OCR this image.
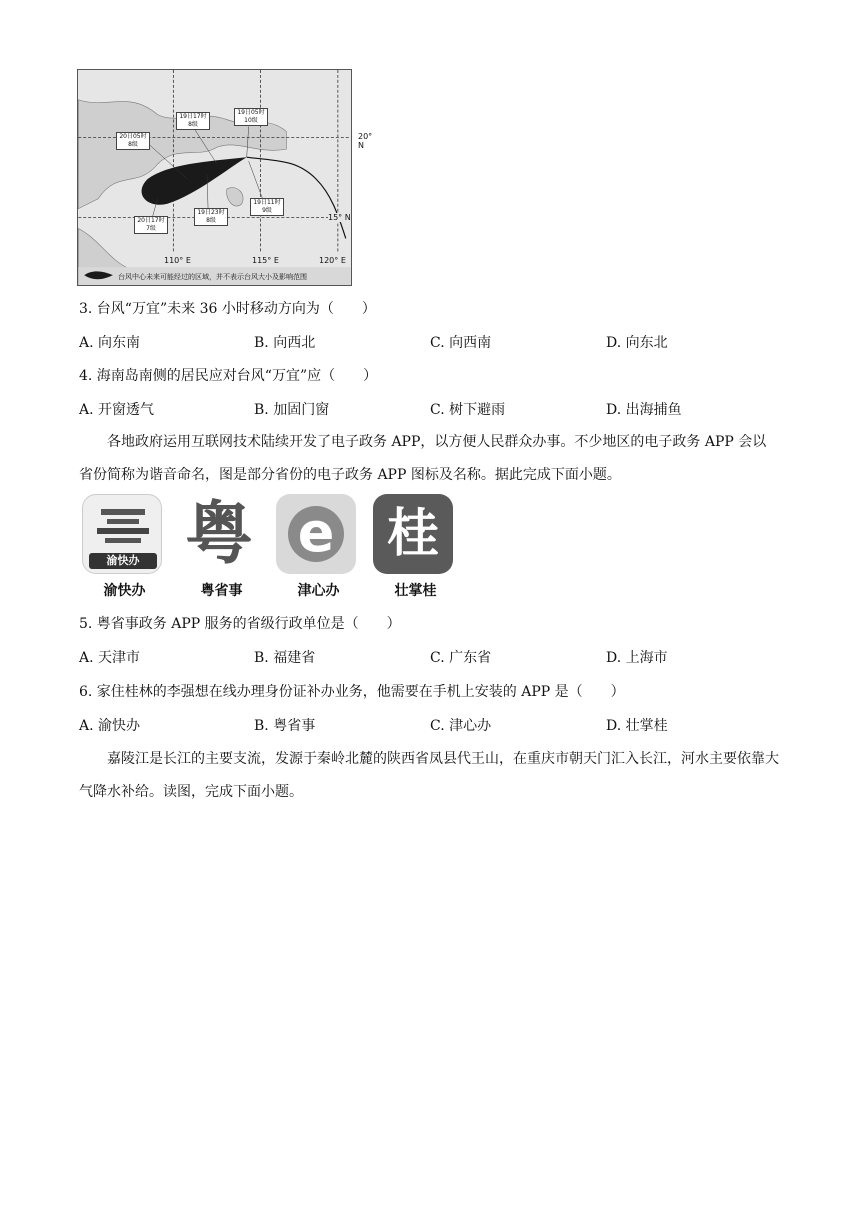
20° N
15° N
110° E	115° E	120° E
20日05时 8级
19日17时 8级
19日05时 10级
19日11时 9级
19日23时 8级
20日17时 7级
台风中心未来可能经过的区域，并不表示台风大小及影响范围
3. 台风“万宜”未来 36 小时移动方向为（　　）
A. 向东南	B. 向西北	C. 向西南	D. 向东北
4. 海南岛南侧的居民应对台风“万宜”应（　　）
A. 开窗透气	B. 加固门窗	C. 树下避雨	D. 出海捕鱼
各地政府运用互联网技术陆续开发了电子政务 APP，以方便人民群众办事。不少地区的电子政务 APP 会以省份简称为谐音命名，图是部分省份的电子政务 APP 图标及名称。据此完成下面小题。
渝快办
渝快办
粤
粤省事
e
津心办
桂
壮掌桂
5. 粤省事政务 APP 服务的省级行政单位是（　　）
A. 天津市	B. 福建省	C. 广东省	D. 上海市
6. 家住桂林的李强想在线办理身份证补办业务，他需要在手机上安装的 APP 是（　　）
A. 渝快办	B. 粤省事	C. 津心办	D. 壮掌桂
嘉陵江是长江的主要支流，发源于秦岭北麓的陕西省凤县代王山，在重庆市朝天门汇入长江，河水主要依靠大气降水补给。读图，完成下面小题。
